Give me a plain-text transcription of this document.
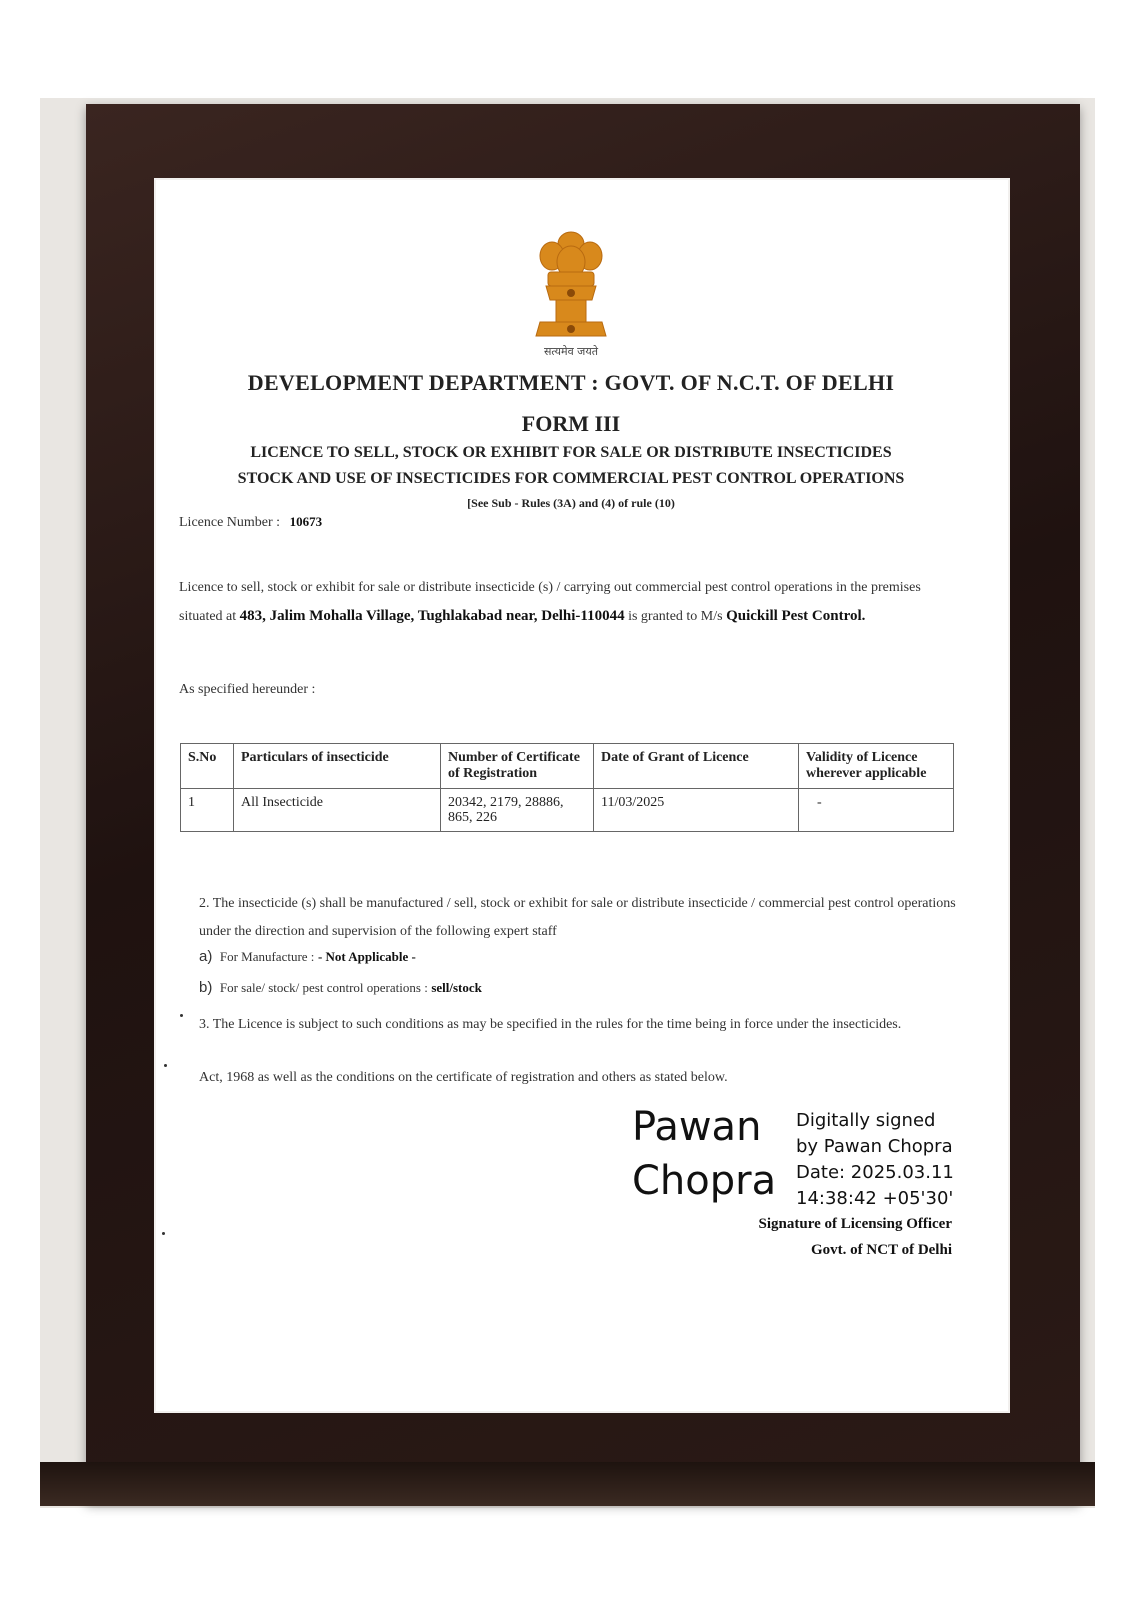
सत्यमेव जयते
DEVELOPMENT DEPARTMENT : GOVT. OF N.C.T. OF DELHI
FORM III
LICENCE TO SELL, STOCK OR EXHIBIT FOR SALE OR DISTRIBUTE INSECTICIDES
STOCK AND USE OF INSECTICIDES FOR COMMERCIAL PEST CONTROL OPERATIONS
[See Sub - Rules (3A) and (4) of rule (10)
Licence Number : 10673
Licence to sell, stock or exhibit for sale or distribute insecticide (s) / carrying out commercial pest control operations in the premises situated at 483, Jalim Mohalla Village, Tughlakabad near, Delhi-110044 is granted to M/s Quickill Pest Control.
As specified hereunder :
S.No	Particulars of insecticide	Number of Certificate of Registration	Date of Grant of Licence	Validity of Licence wherever applicable
1	All Insecticide	20342, 2179, 28886, 865, 226	11/03/2025	-
2. The insecticide (s) shall be manufactured / sell, stock or exhibit for sale or distribute insecticide / commercial pest control operations under the direction and supervision of the following expert staff
a) For Manufacture : - Not Applicable -
b) For sale/ stock/ pest control operations : sell/stock
3. The Licence is subject to such conditions as may be specified in the rules for the time being in force under the insecticides.
Act, 1968 as well as the conditions on the certificate of registration and others as stated below.
Pawan
Chopra
Digitally signed
by Pawan Chopra
Date: 2025.03.11
14:38:42 +05'30'
Signature of Licensing Officer
Govt. of NCT of Delhi
